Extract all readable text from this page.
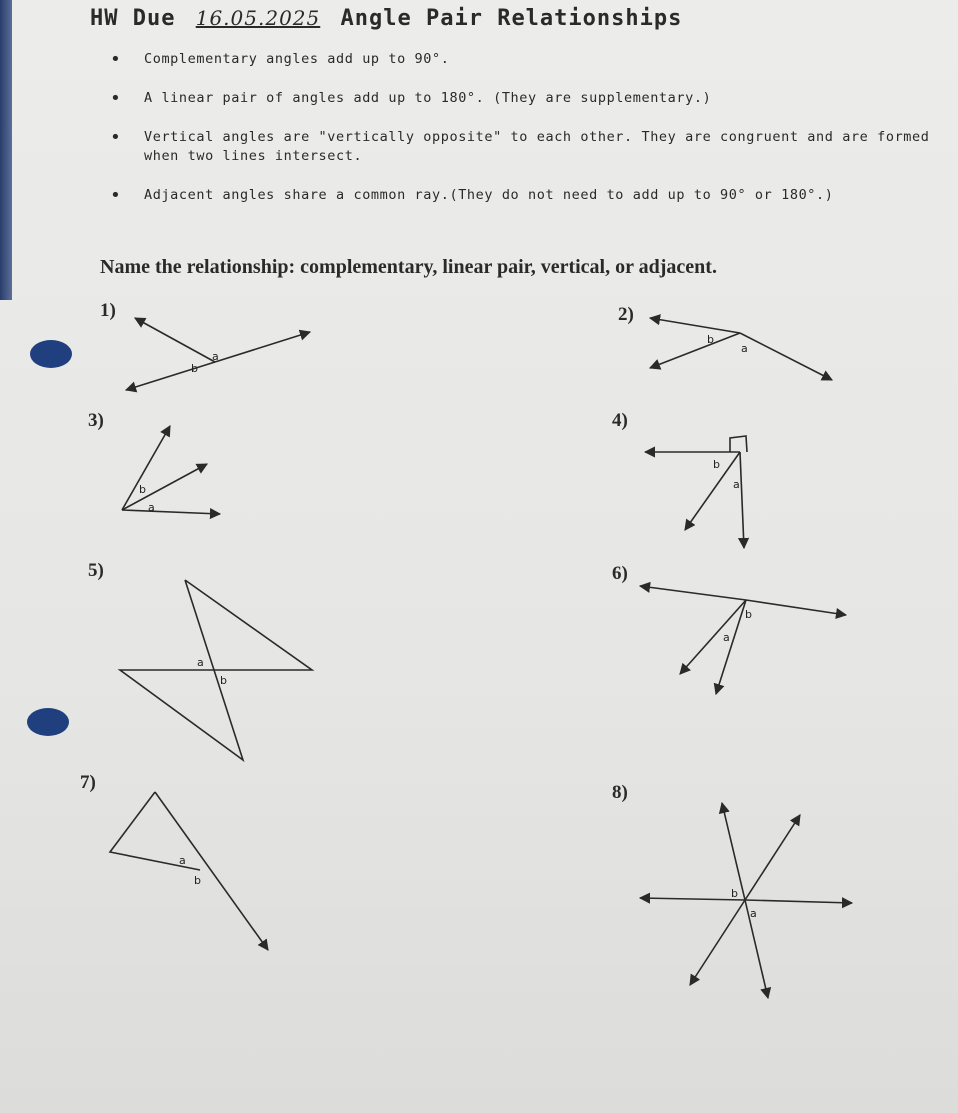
HW Due 16.05.2025 Angle Pair Relationships
• Complementary angles add up to 90°.
• A linear pair of angles add up to 180°. (They are supplementary.)
• Vertical angles are "vertically opposite" to each other. They are congruent and are formed when two lines intersect.
• Adjacent angles share a common ray.(They do not need to add up to 90° or 180°.)
Name the relationship: complementary, linear pair, vertical, or adjacent.
1)	2)
3)	4)
5)	6)
7)	8)
a
b
a
b
a
b	a
b
a
b
a
b
a
b
a
b
